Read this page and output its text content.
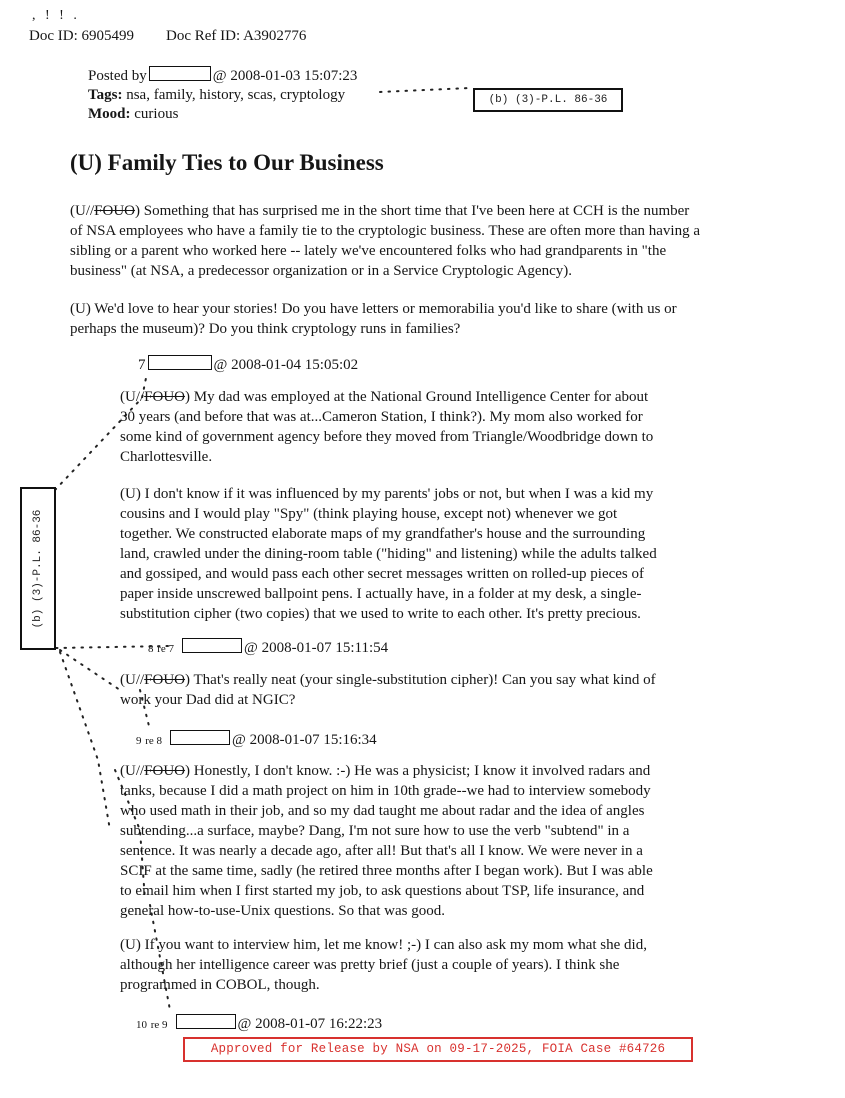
, ! ! .
Doc ID: 6905499 Doc Ref ID: A3902776
Posted by	@ 2008-01-03 15:07:23
Tags: nsa, family, history, scas, cryptology
Mood: curious
(b) (3)-P.L. 86-36
(U) Family Ties to Our Business
(U//FOUO) Something that has surprised me in the short time that I've been here at CCH is the number
of NSA employees who have a family tie to the cryptologic business. These are often more than having a
sibling or a parent who worked here -- lately we've encountered folks who had grandparents in "the
business" (at NSA, a predecessor organization or in a Service Cryptologic Agency).
(U) We'd love to hear your stories! Do you have letters or memorabilia you'd like to share (with us or
perhaps the museum)? Do you think cryptology runs in families?
7	@ 2008-01-04 15:05:02
(U//FOUO) My dad was employed at the National Ground Intelligence Center for about
30 years (and before that was at...Cameron Station, I think?). My mom also worked for
some kind of government agency before they moved from Triangle/Woodbridge down to
Charlottesville.
(U) I don't know if it was influenced by my parents' jobs or not, but when I was a kid my
cousins and I would play "Spy" (think playing house, except not) whenever we got
together. We constructed elaborate maps of my grandfather's house and the surrounding
land, crawled under the dining-room table ("hiding" and listening) while the adults talked
and gossiped, and would pass each other secret messages written on rolled-up pieces of
paper inside unscrewed ballpoint pens. I actually have, in a folder at my desk, a single-
substitution cipher (two copies) that we used to write to each other. It's pretty precious.
(b) (3)-P.L. 86-36
8 re 7	@ 2008-01-07 15:11:54
(U//FOUO) That's really neat (your single-substitution cipher)! Can you say what kind of
work your Dad did at NGIC?
9 re 8	@ 2008-01-07 15:16:34
(U//FOUO) Honestly, I don't know. :-) He was a physicist; I know it involved radars and
tanks, because I did a math project on him in 10th grade--we had to interview somebody
who used math in their job, and so my dad taught me about radar and the idea of angles
subtending...a surface, maybe? Dang, I'm not sure how to use the verb "subtend" in a
sentence. It was nearly a decade ago, after all! But that's all I know. We were never in a
SCIF at the same time, sadly (he retired three months after I began work). But I was able
to email him when I first started my job, to ask questions about TSP, life insurance, and
general how-to-use-Unix questions. So that was good.
(U) If you want to interview him, let me know! ;-) I can also ask my mom what she did,
although her intelligence career was pretty brief (just a couple of years). I think she
programmed in COBOL, though.
10 re 9	@ 2008-01-07 16:22:23
Approved for Release by NSA on 09-17-2025, FOIA Case #64726
